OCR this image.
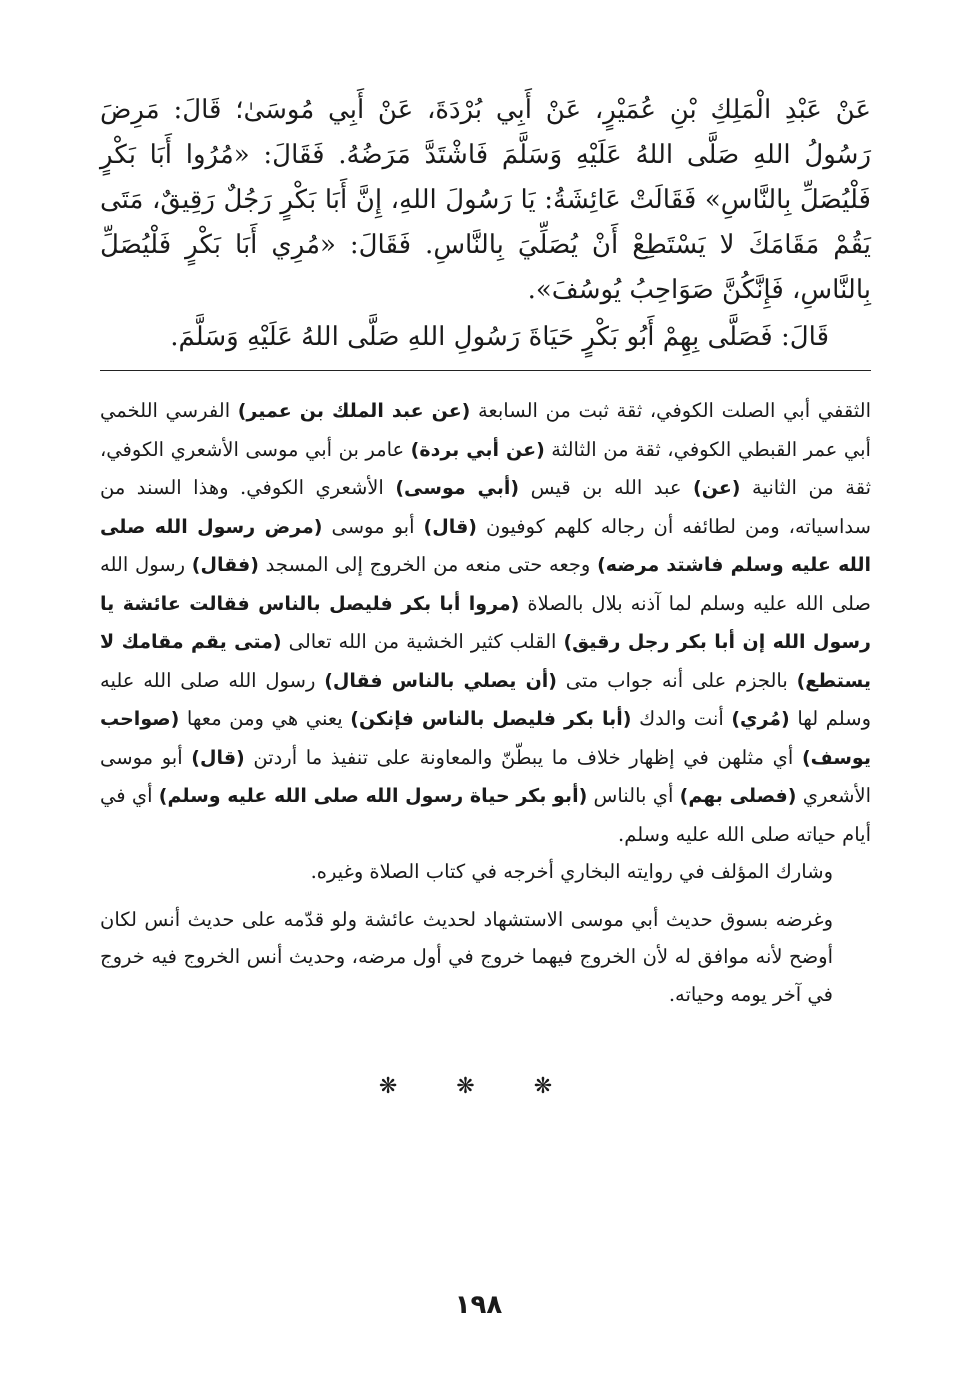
عَنْ عَبْدِ الْمَلِكِ بْنِ عُمَيْرٍ، عَنْ أَبِي بُرْدَةَ، عَنْ أَبِي مُوسَىٰ؛ قَالَ: مَرِضَ رَسُولُ اللهِ صَلَّى اللهُ عَلَيْهِ وَسَلَّمَ فَاشْتَدَّ مَرَضُهُ. فَقَالَ: «مُرُوا أَبَا بَكْرٍ فَلْيُصَلِّ بِالنَّاسِ» فَقَالَتْ عَائِشَةُ: يَا رَسُولَ اللهِ، إِنَّ أَبَا بَكْرٍ رَجُلٌ رَقِيقٌ، مَتَى يَقُمْ مَقَامَكَ لا يَسْتَطِعْ أَنْ يُصَلِّيَ بِالنَّاسِ. فَقَالَ: «مُرِي أَبَا بَكْرٍ فَلْيُصَلِّ بِالنَّاسِ، فَإِنَّكُنَّ صَوَاحِبُ يُوسُفَ».

قَالَ: فَصَلَّى بِهِمْ أَبُو بَكْرٍ حَيَاةَ رَسُولِ اللهِ صَلَّى اللهُ عَلَيْهِ وَسَلَّمَ.

الثقفي أبي الصلت الكوفي، ثقة ثبت من السابعة (عن عبد الملك بن عمير) الفرسي اللخمي أبي عمر القبطي الكوفي، ثقة من الثالثة (عن أبي بردة) عامر بن أبي موسى الأشعري الكوفي، ثقة من الثانية (عن) عبد الله بن قيس (أبي موسى) الأشعري الكوفي. وهذا السند من سداسياته، ومن لطائفه أن رجاله كلهم كوفيون (قال) أبو موسى (مرض رسول الله صلى الله عليه وسلم فاشتد مرضه) وجعه حتى منعه من الخروج إلى المسجد (فقال) رسول الله صلى الله عليه وسلم لما آذنه بلال بالصلاة (مروا أبا بكر فليصل بالناس فقالت عائشة يا رسول الله إن أبا بكر رجل رقيق) القلب كثير الخشية من الله تعالى (متى يقم مقامك لا يستطع) بالجزم على أنه جواب متى (أن يصلي بالناس فقال) رسول الله صلى الله عليه وسلم لها (مُري) أنت والدك (أبا بكر فليصل بالناس فإنكن) يعني هي ومن معها (صواحب يوسف) أي مثلهن في إظهار خلاف ما يبطّنّ والمعاونة على تنفيذ ما أردتن (قال) أبو موسى الأشعري (فصلى بهم) أي بالناس (أبو بكر حياة رسول الله صلى الله عليه وسلم) أي في أيام حياته صلى الله عليه وسلم.

وشارك المؤلف في روايته البخاري أخرجه في كتاب الصلاة وغيره.

وغرضه بسوق حديث أبي موسى الاستشهاد لحديث عائشة ولو قدّمه على حديث أنس لكان أوضح لأنه موافق له لأن الخروج فيهما خروج في أول مرضه، وحديث أنس الخروج فيه خروج في آخر يومه وحياته.

❋ ❋ ❋
١٩٨
